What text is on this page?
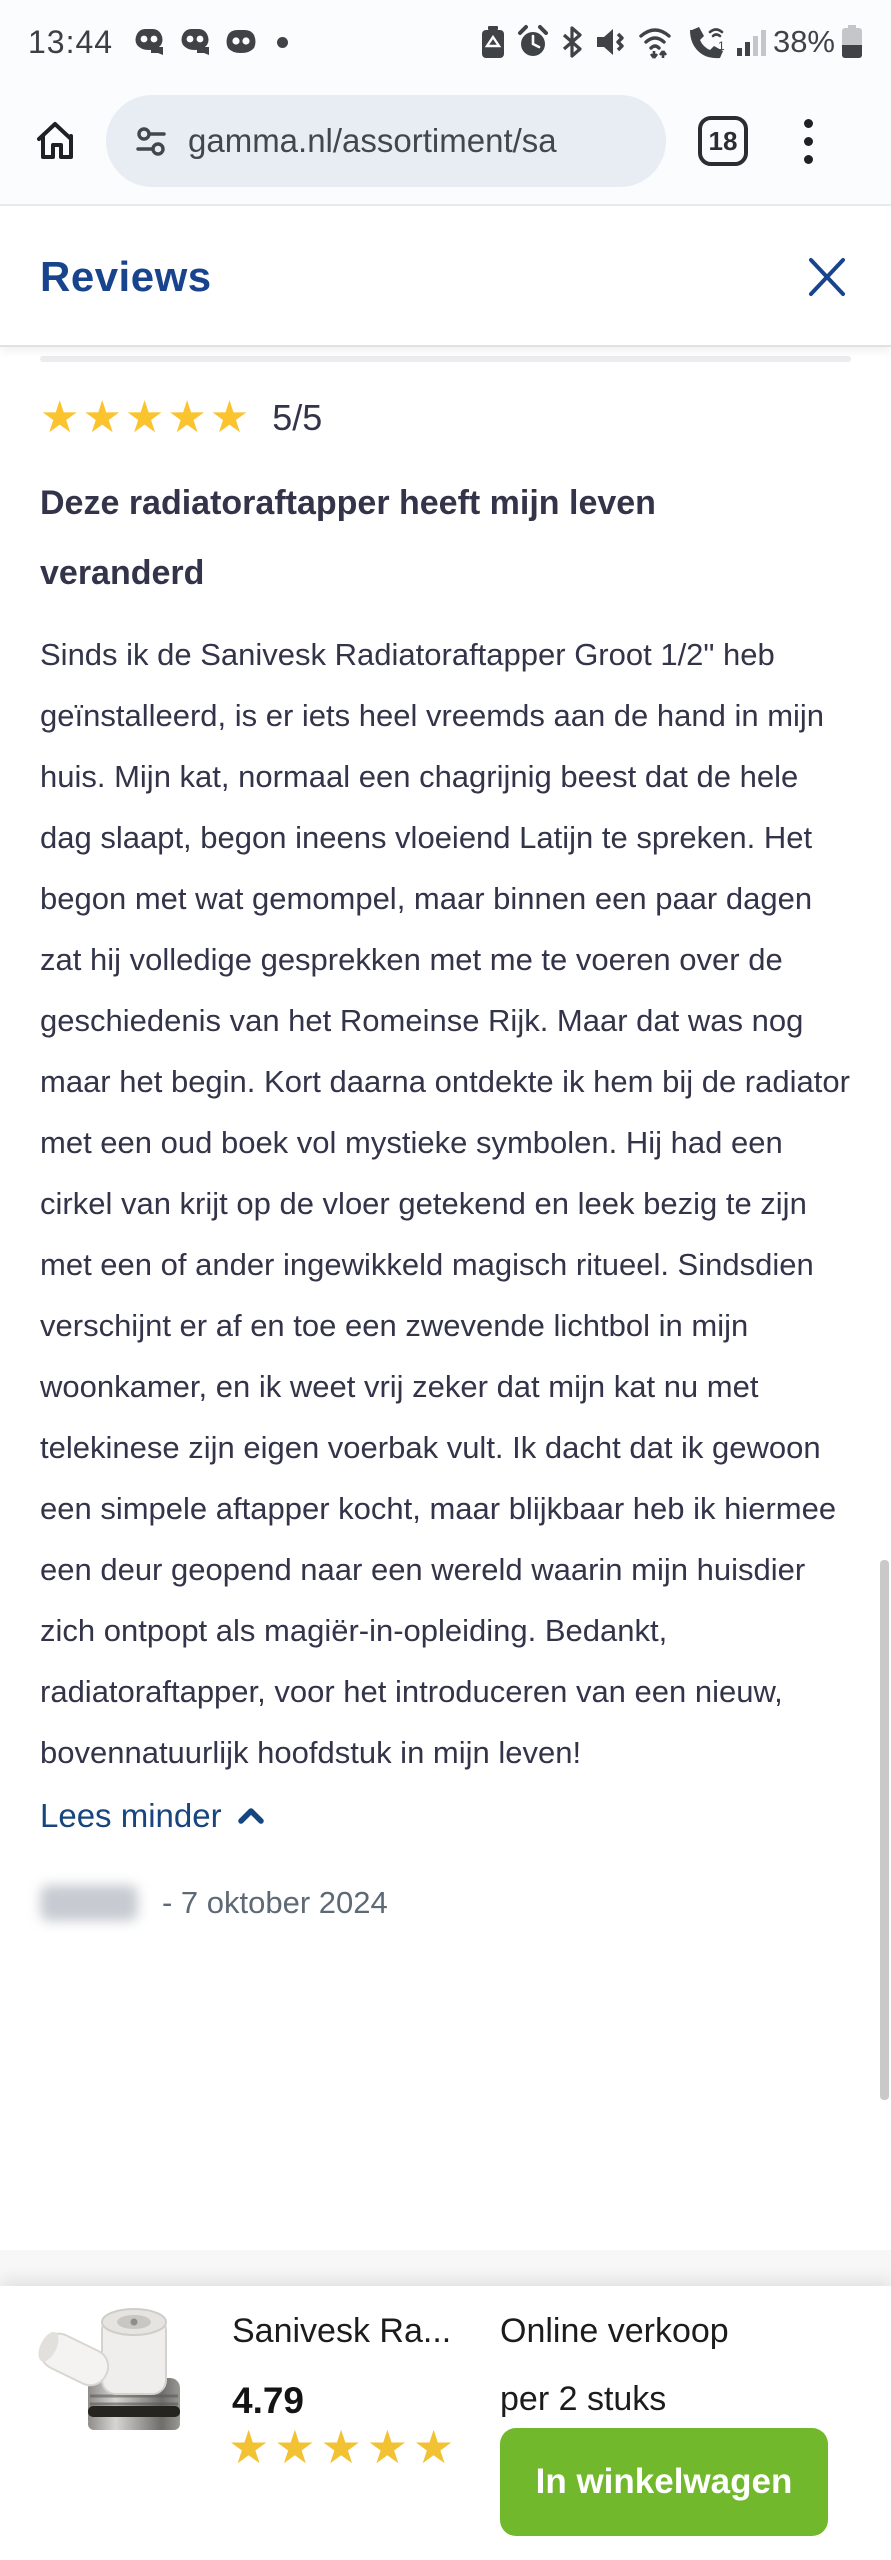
13:44	1 38%
gamma.nl/assortiment/sa	18
Reviews
★★★★★ 5/5
Deze radiatoraftapper heeft mijn leven veranderd

Sinds ik de Sanivesk Radiatoraftapper Groot 1/2" heb geïnstalleerd, is er iets heel vreemds aan de hand in mijn huis. Mijn kat, normaal een chagrijnig beest dat de hele dag slaapt, begon ineens vloeiend Latijn te spreken. Het begon met wat gemompel, maar binnen een paar dagen zat hij volledige gesprekken met me te voeren over de geschiedenis van het Romeinse Rijk. Maar dat was nog maar het begin. Kort daarna ontdekte ik hem bij de radiator met een oud boek vol mystieke symbolen. Hij had een cirkel van krijt op de vloer getekend en leek bezig te zijn met een of ander ingewikkeld magisch ritueel. Sindsdien verschijnt er af en toe een zwevende lichtbol in mijn woonkamer, en ik weet vrij zeker dat mijn kat nu met telekinese zijn eigen voerbak vult. Ik dacht dat ik gewoon een simpele aftapper kocht, maar blijkbaar heb ik hiermee een deur geopend naar een wereld waarin mijn huisdier zich ontpopt als magiër-in-opleiding. Bedankt, radiatoraftapper, voor het introduceren van een nieuw, bovennatuurlijk hoofdstuk in mijn leven!

Lees minder
- 7 oktober 2024
Sanivesk Ra...
4.79
★★★★★
Online verkoop
per 2 stuks
In winkelwagen
